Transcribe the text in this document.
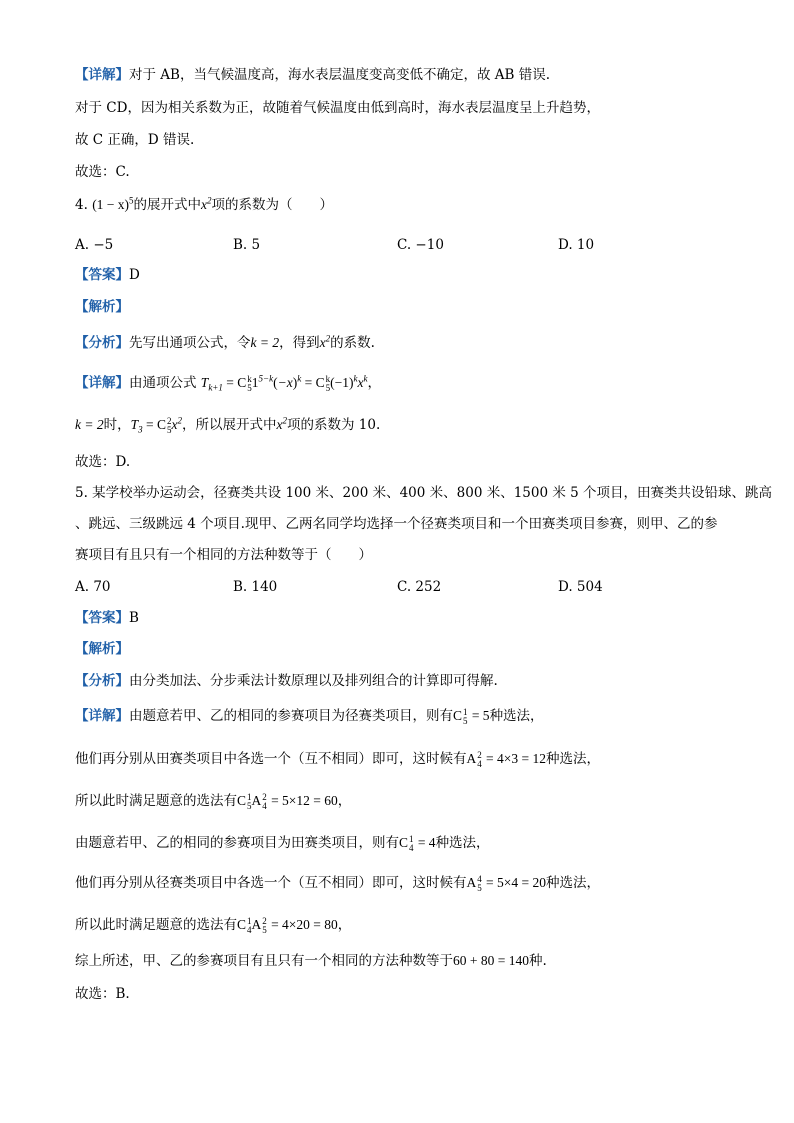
【详解】对于 AB，当气候温度高，海水表层温度变高变低不确定，故 AB 错误.
对于 CD，因为相关系数为正，故随着气候温度由低到高时，海水表层温度呈上升趋势，
故 C 正确，D 错误.
故选：C.
4. $(1 - x)^5$的展开式中$x^2$项的系数为（　　）
A. −5	B. 5	C. −10	D. 10
【答案】D
【解析】
【分析】先写出通项公式，令k = 2，得到$x^2$的系数.
【详解】由通项公式 $T_{k+1} = C$ k
5 $1^{5-k}(-x)^k = C$ k
5 $(-1)^kx^k$，
k = 2时，$T_3 = C$ 2
5 $x^2$，所以展开式中$x^2$项的系数为 10.
故选：D.
5. 某学校举办运动会，径赛类共设 100 米、200 米、400 米、800 米、1500 米 5 个项目，田赛类共设铅球、跳高
、跳远、三级跳远 4 个项目.现甲、乙两名同学均选择一个径赛类项目和一个田赛类项目参赛，则甲、乙的参
赛项目有且只有一个相同的方法种数等于（　　）
A. 70	B. 140	C. 252	D. 504
【答案】B
【解析】
【分析】由分类加法、分步乘法计数原理以及排列组合的计算即可得解.
【详解】由题意若甲、乙的相同的参赛项目为径赛类项目，则有C 1
5 = 5种选法，
他们再分别从田赛类项目中各选一个（互不相同）即可，这时候有A 2
4 = 4×3 = 12种选法，
所以此时满足题意的选法有C 1
5 A 2
4 = 5×12 = 60，
由题意若甲、乙的相同的参赛项目为田赛类项目，则有C 1
4 = 4种选法，
他们再分别从径赛类项目中各选一个（互不相同）即可，这时候有A 4
5 = 5×4 = 20种选法，
所以此时满足题意的选法有C 1
4 A 2
5 = 4×20 = 80，
综上所述，甲、乙的参赛项目有且只有一个相同的方法种数等于60 + 80 = 140种.
故选：B.
